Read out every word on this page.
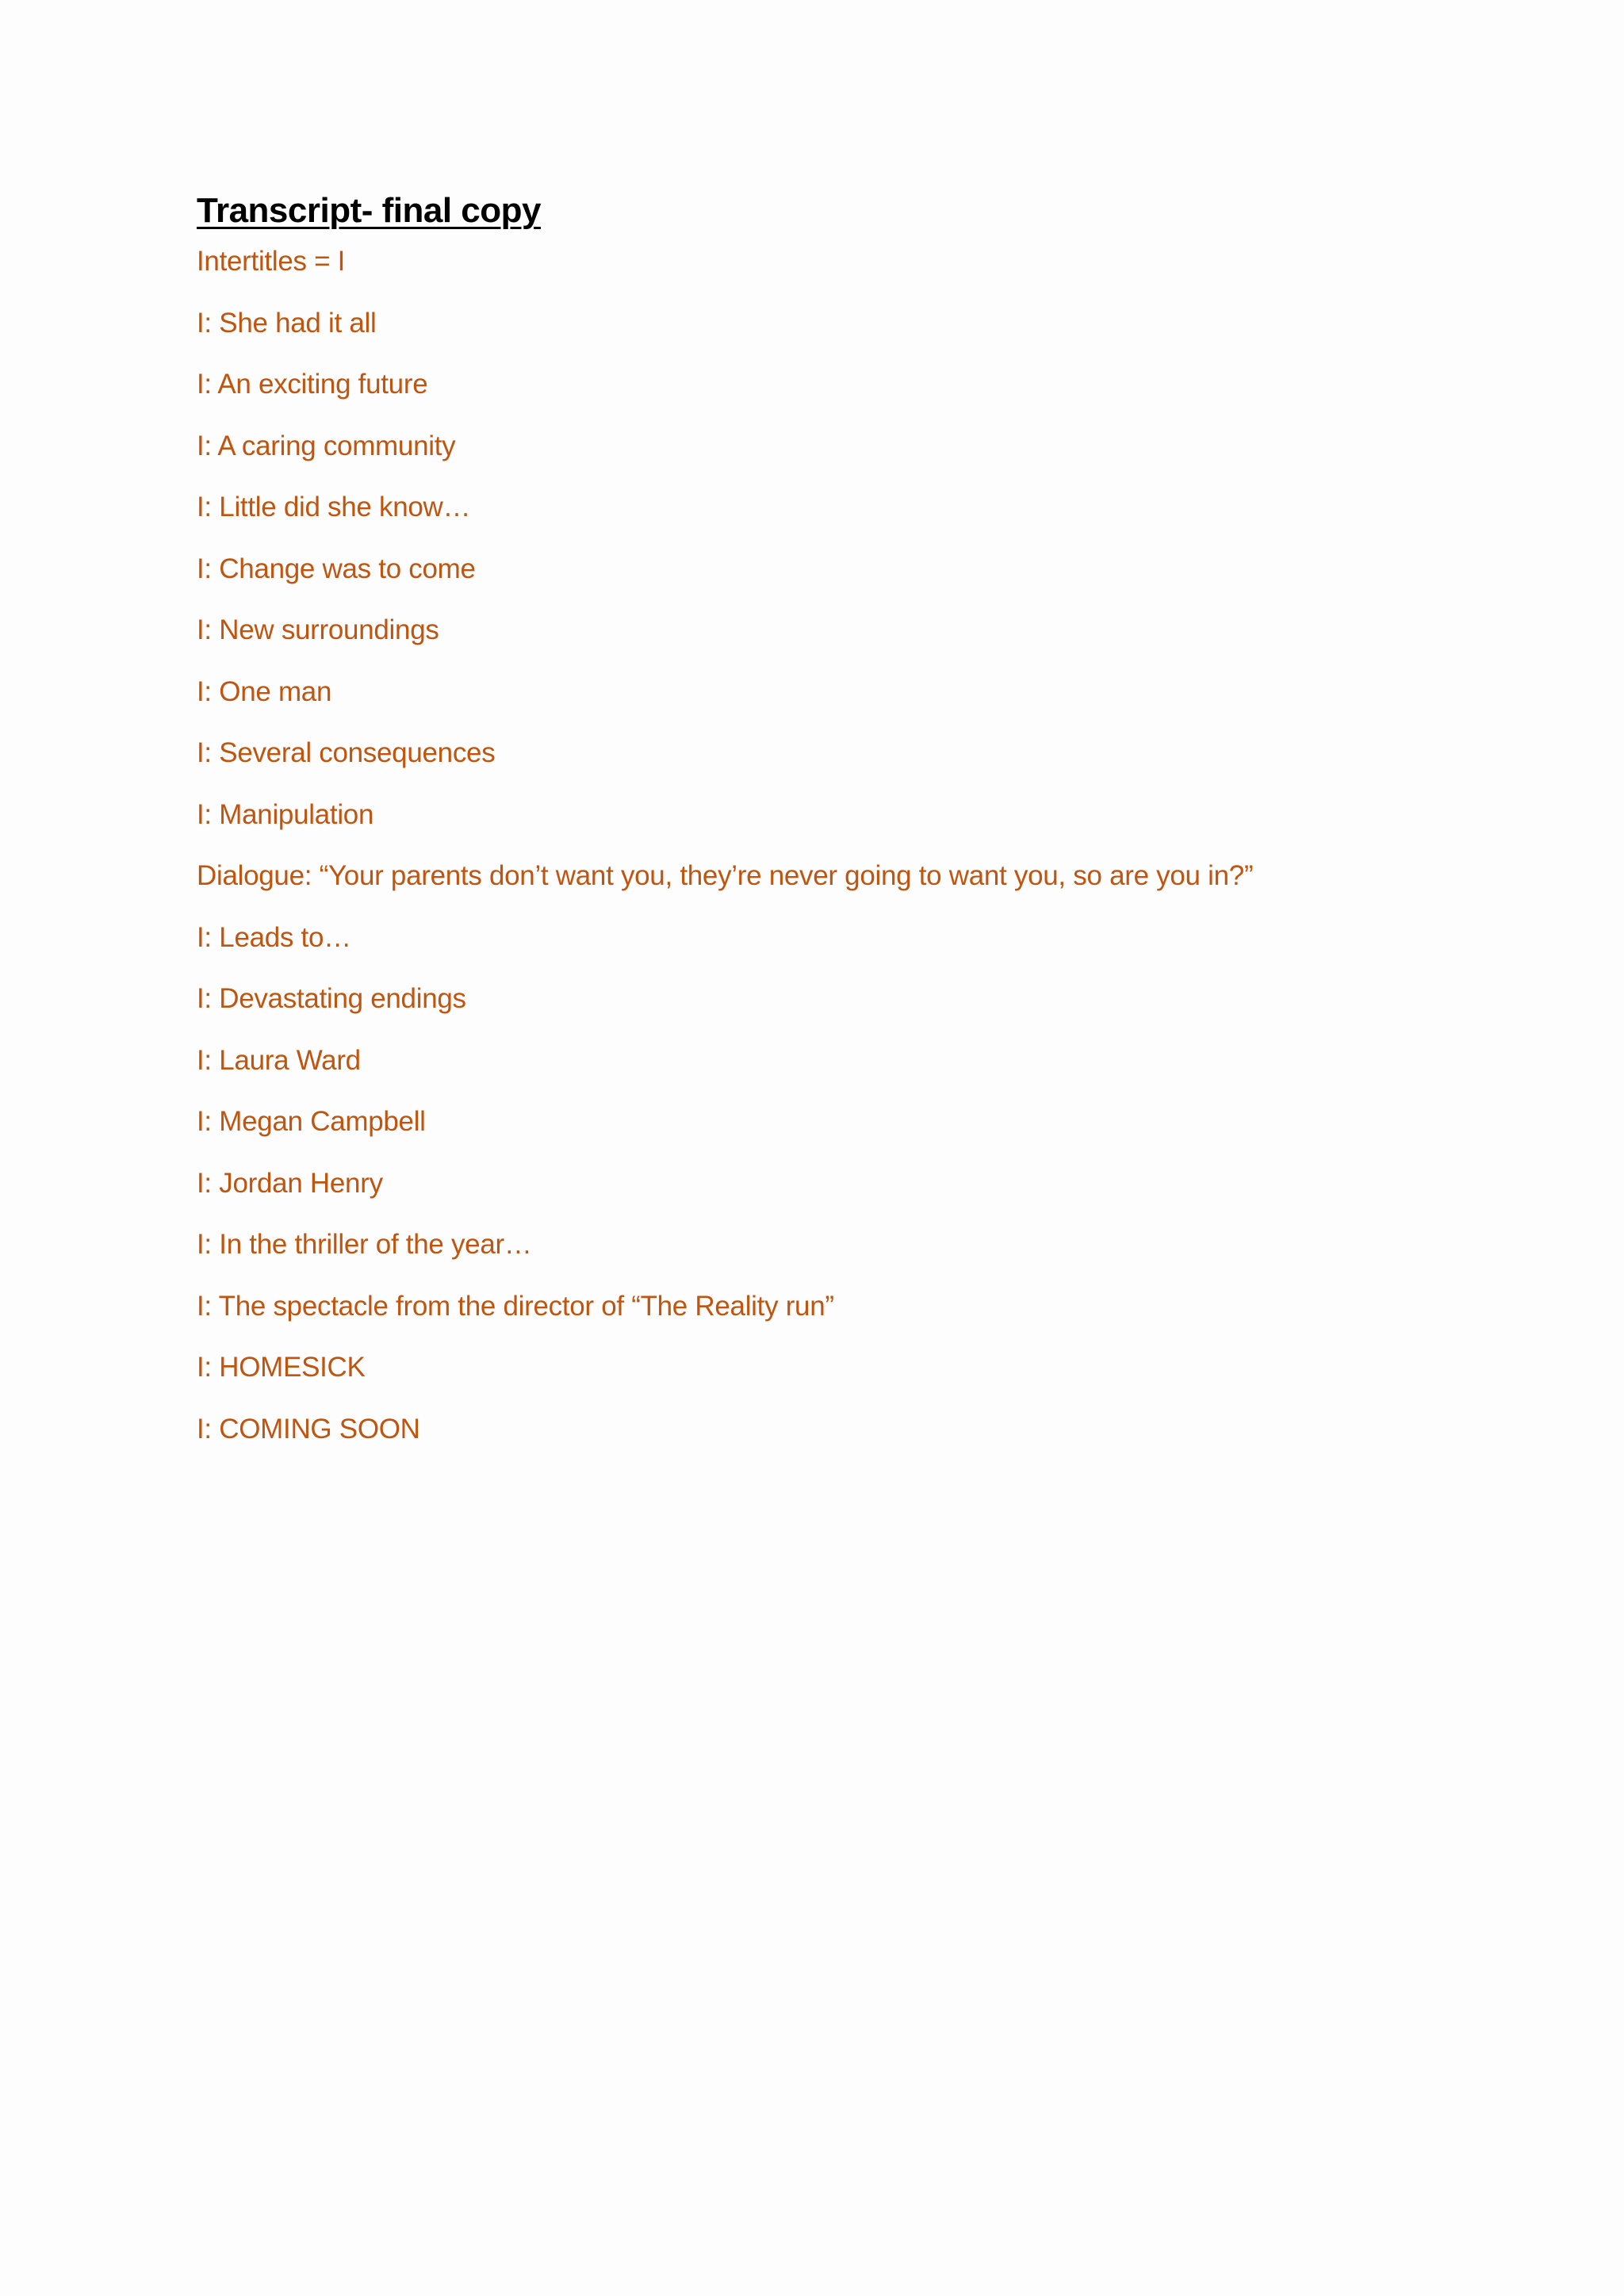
Transcript- final copy
Intertitles = I
I: She had it all
I: An exciting future
I: A caring community
I: Little did she know…
I: Change was to come
I: New surroundings
I: One man
I: Several consequences
I: Manipulation
Dialogue: “Your parents don’t want you, they’re never going to want you, so are you in?”
I: Leads to…
I: Devastating endings
I: Laura Ward
I: Megan Campbell
I: Jordan Henry
I: In the thriller of the year…
I: The spectacle from the director of “The Reality run”
I: HOMESICK
I: COMING SOON
